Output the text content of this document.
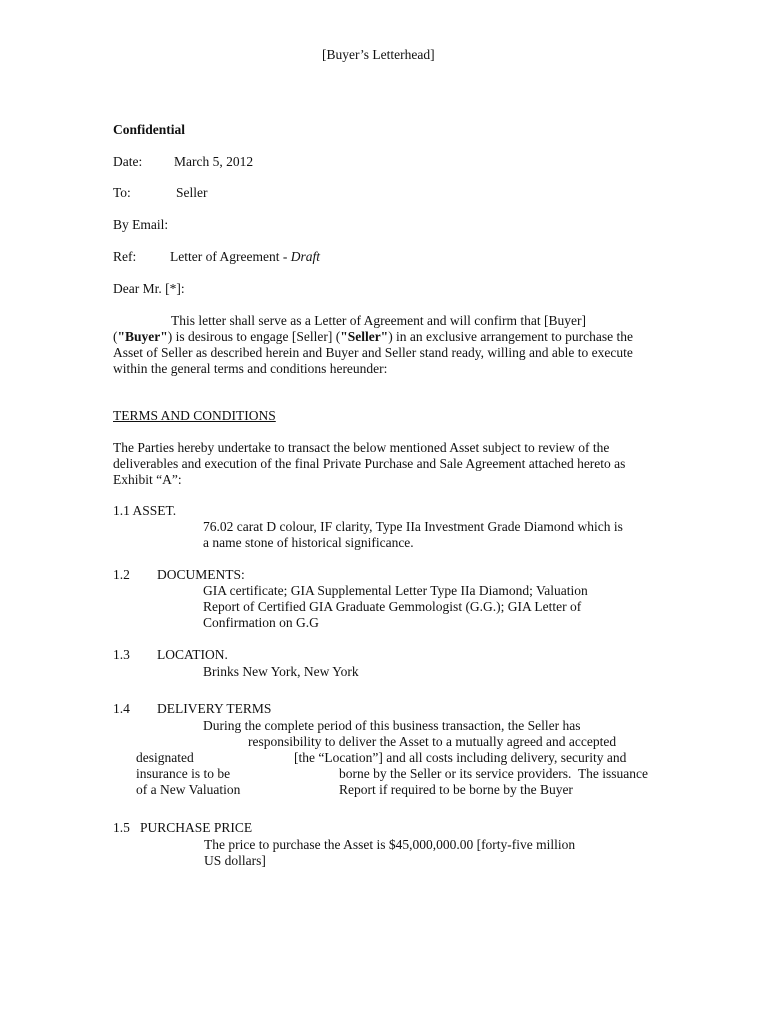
[Buyer’s Letterhead]
Confidential
Date: March 5, 2012
To:	Seller
By Email:
Ref:	Letter of Agreement - Draft
Dear Mr. [*]:
This letter shall serve as a Letter of Agreement and will confirm that [Buyer]
("Buyer") is desirous to engage [Seller] ("Seller") in an exclusive arrangement to purchase the
Asset of Seller as described herein and Buyer and Seller stand ready, willing and able to execute
within the general terms and conditions hereunder:
TERMS AND CONDITIONS
The Parties hereby undertake to transact the below mentioned Asset subject to review of the
deliverables and execution of the final Private Purchase and Sale Agreement attached hereto as
Exhibit “A”:
1.1 ASSET.
76.02 carat D colour, IF clarity, Type IIa Investment Grade Diamond which is
a name stone of historical significance.
1.2 DOCUMENTS:
GIA certificate; GIA Supplemental Letter Type IIa Diamond; Valuation
Report of Certified GIA Graduate Gemmologist (G.G.); GIA Letter of
Confirmation on G.G
1.3 LOCATION.
Brinks New York, New York
1.4 DELIVERY TERMS
During the complete period of this business transaction, the Seller has
responsibility to deliver the Asset to a mutually agreed and accepted
designated	[the “Location”] and all costs including delivery, security and
insurance is to be	borne by the Seller or its service providers.  The issuance
of a New Valuation	Report if required to be borne by the Buyer
1.5   PURCHASE PRICE
The price to purchase the Asset is $45,000,000.00 [forty-five million
US dollars]
